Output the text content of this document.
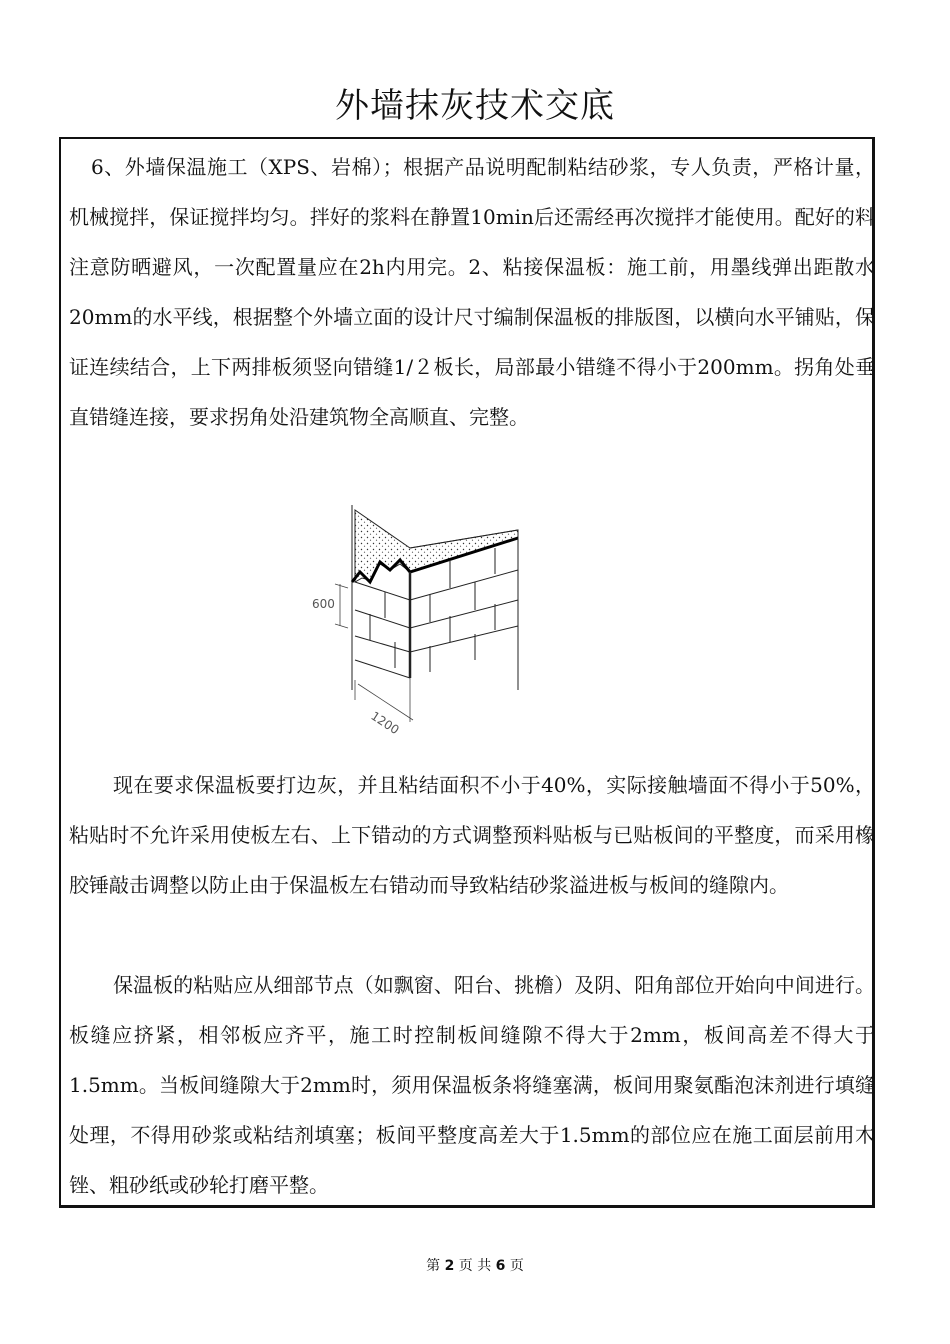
外墙抹灰技术交底

6、外墙保温施工（XPS、岩棉）；根据产品说明配制粘结砂浆，专人负责，严格计量，机械搅拌，保证搅拌均匀。拌好的浆料在静置10min后还需经再次搅拌才能使用。配好的料注意防晒避风，一次配置量应在2h内用完。2、粘接保温板：施工前，用墨线弹出距散水20mm的水平线，根据整个外墙立面的设计尺寸编制保温板的排版图，以横向水平铺贴，保证连续结合，上下两排板须竖向错缝1/２板长，局部最小错缝不得小于200mm。拐角处垂直错缝连接，要求拐角处沿建筑物全高顺直、完整。

600
1200

现在要求保温板要打边灰，并且粘结面积不小于40%，实际接触墙面不得小于50%，粘贴时不允许采用使板左右、上下错动的方式调整预料贴板与已贴板间的平整度，而采用橡胶锤敲击调整以防止由于保温板左右错动而导致粘结砂浆溢进板与板间的缝隙内。

保温板的粘贴应从细部节点（如飘窗、阳台、挑檐）及阴、阳角部位开始向中间进行。板缝应挤紧，相邻板应齐平，施工时控制板间缝隙不得大于2mm，板间高差不得大于1.5mm。当板间缝隙大于2mm时，须用保温板条将缝塞满，板间用聚氨酯泡沫剂进行填缝处理，不得用砂浆或粘结剂填塞；板间平整度高差大于1.5mm的部位应在施工面层前用木锉、粗砂纸或砂轮打磨平整。

第 2 页 共 6 页
